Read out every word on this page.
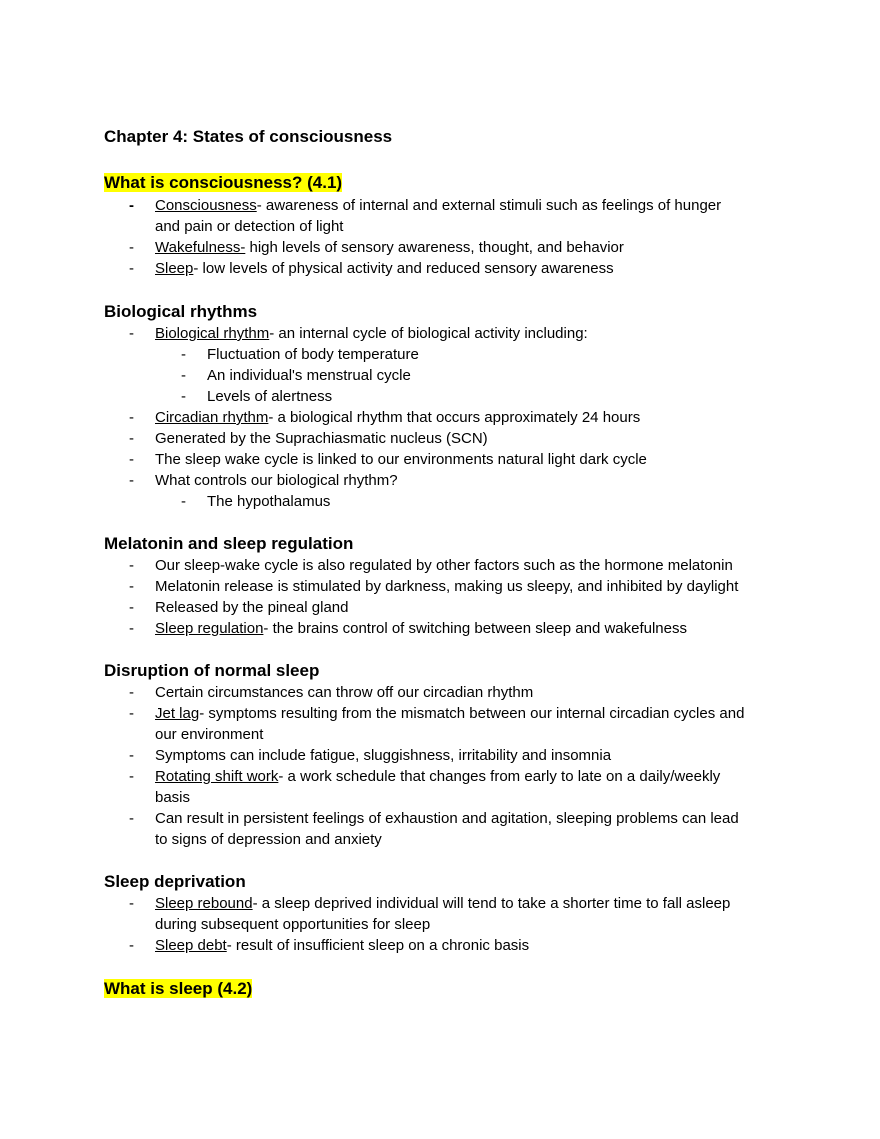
Chapter 4: States of consciousness
What is consciousness? (4.1)
-	Consciousness- awareness of internal and external stimuli such as feelings of hunger
and pain or detection of light
-	Wakefulness- high levels of sensory awareness, thought, and behavior
-	Sleep- low levels of physical activity and reduced sensory awareness
Biological rhythms
-	Biological rhythm- an internal cycle of biological activity including:
-	Fluctuation of body temperature
-	An individual's menstrual cycle
-	Levels of alertness
-	Circadian rhythm- a biological rhythm that occurs approximately 24 hours
-	Generated by the Suprachiasmatic nucleus (SCN)
-	The sleep wake cycle is linked to our environments natural light dark cycle
-	What controls our biological rhythm?
-	The hypothalamus
Melatonin and sleep regulation
-	Our sleep-wake cycle is also regulated by other factors such as the hormone melatonin
-	Melatonin release is stimulated by darkness, making us sleepy, and inhibited by daylight
-	Released by the pineal gland
-	Sleep regulation- the brains control of switching between sleep and wakefulness
Disruption of normal sleep
-	Certain circumstances can throw off our circadian rhythm
-	Jet lag- symptoms resulting from the mismatch between our internal circadian cycles and
our environment
-	Symptoms can include fatigue, sluggishness, irritability and insomnia
-	Rotating shift work- a work schedule that changes from early to late on a daily/weekly
basis
-	Can result in persistent feelings of exhaustion and agitation, sleeping problems can lead
to signs of depression and anxiety
Sleep deprivation
-	Sleep rebound- a sleep deprived individual will tend to take a shorter time to fall asleep
during subsequent opportunities for sleep
-	Sleep debt- result of insufficient sleep on a chronic basis
What is sleep (4.2)
